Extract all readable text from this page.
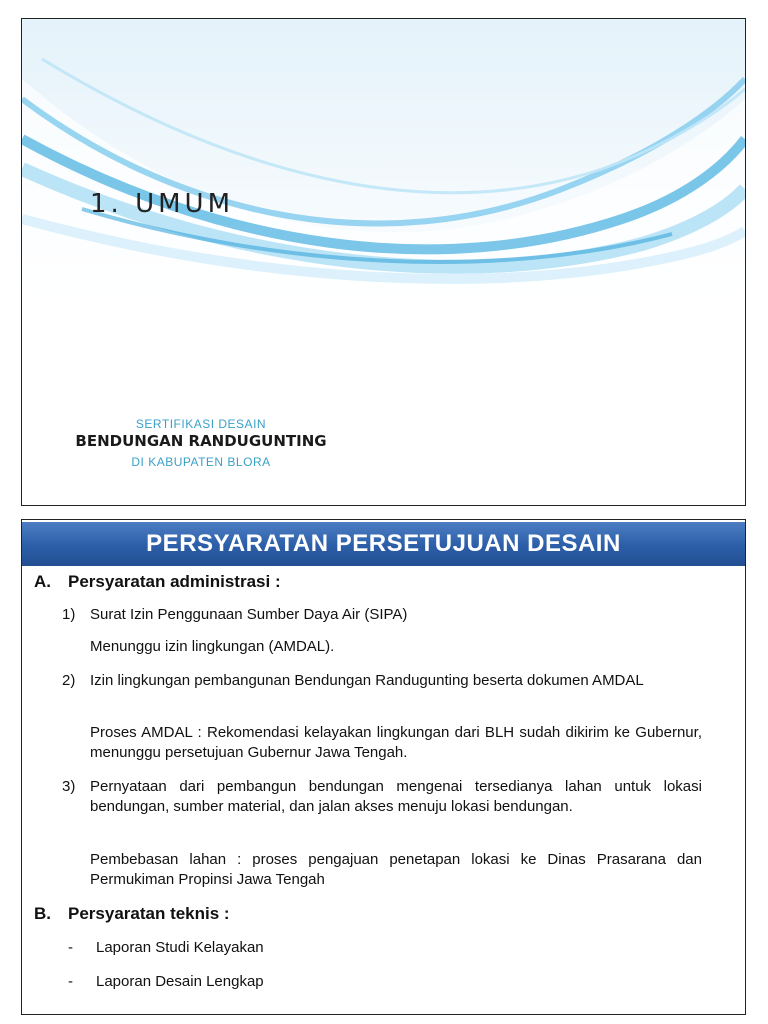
1. UMUM
SERTIFIKASI DESAIN
BENDUNGAN RANDUGUNTING
DI KABUPATEN BLORA
PERSYARATAN PERSETUJUAN DESAIN
A. Persyaratan administrasi :
1) Surat Izin Penggunaan Sumber Daya Air (SIPA)
Menunggu izin lingkungan (AMDAL).
2) Izin lingkungan pembangunan Bendungan Randugunting beserta dokumen AMDAL
Proses AMDAL : Rekomendasi kelayakan lingkungan dari BLH sudah dikirim ke Gubernur, menunggu persetujuan Gubernur Jawa Tengah.
3) Pernyataan dari pembangun bendungan mengenai tersedianya lahan untuk lokasi bendungan, sumber material, dan jalan akses menuju lokasi bendungan.
Pembebasan lahan : proses pengajuan penetapan lokasi ke Dinas Prasarana dan Permukiman Propinsi Jawa Tengah
B. Persyaratan teknis :
- Laporan Studi Kelayakan
- Laporan Desain Lengkap
